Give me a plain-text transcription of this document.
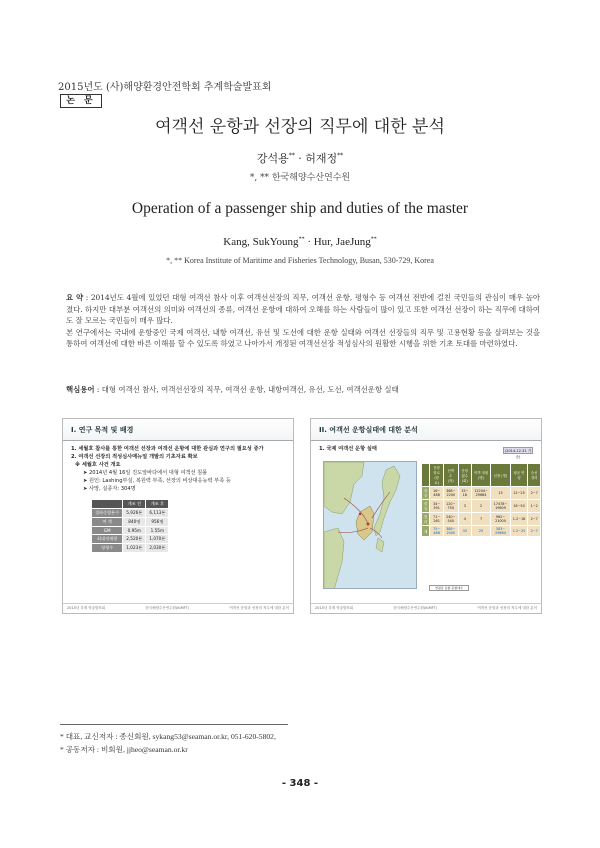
2015년도 (사)해양환경안전학회 추계학술발표회
논 문
여객선 운항과 선장의 직무에 대한 분석
강석용** · 허재정**
*, ** 한국해양수산연수원
Operation of a passenger ship and duties of the master
Kang, SukYoung** · Hur, JaeJung**
*, ** Korea Institute of Maritime and Fisheries Technology, Busan, 530-729, Korea

요 약 : 2014년도 4월에 있었던 대형 여객선 참사 이후 여객선선장의 직무, 여객선 운항, 평형수 등 여객선 전반에 걸친 국민들의 관심이 매우 높아졌다. 하지만 대부분 여객선의 의미와 여객선의 종류, 여객선 운항에 대하여 오해를 하는 사람들이 많이 있고 또한 여객선 선장이 하는 직무에 대하여도 잘 모르는 국민들이 매우 많다.

본 연구에서는 국내에 운항중인 국제 여객선, 내항 여객선, 유선 및 도선에 대한 운항 실태와 여객선 선장들의 직무 및 고용현황 등을 살펴보는 것을 통하여 여객선에 대한 바른 이해를 할 수 있도록 하였고 나아가서 개정된 여객선선장 적성심사의 원활한 시행을 위한 기초 토대를 마련하였다.

핵심용어 : 대형 여객선 참사, 여객선선장의 직무, 여객선 운항, 내항여객선, 유선, 도선, 여객선운항 실태
I. 연구 목적 및 배경
1. 세월호 참사를 통한 여객선 선장과 여객선 운항에 대한 관심과 연구의 필요성 증가
2. 여객선 선장의 적성심사매뉴얼 개발의 기초자료 확보
※ 세월호 사건 개요
➤ 2014년 4월 16일 진도앞바다에서 대형 여객선 침몰
➤ 원인: Lashing부실, 복원력 부족, 선장의 비상대응능력 부족 등
➤ 사망, 실종자: 304명
	개조 전	개조 후
경하중량톤수	5,926톤	6,113톤
여 객	840명	956명
GM	0.95m	1.55m
최대적재량	2,520톤	1,070톤
평형수	1,023톤	2,030톤
2015년 추계 학술발표회	한국해양수산연수원(KIMFT)	여객선 운항과 선장의 직무에 대한 분석
II. 여객선 운항실태에 대한 분석
1. 국제 여객선 운항 실태	(2014.12.31 기준)
	운항 항로 (항로)	선박 수 (척)	운항 횟수 (회)	여객 정원 (명)	선장 (명)	평균 연령	승선 경력
한중	16~ 488	368~ 2200	15~ 18	12204~ 29684	15	12~25	2~7
한일	34~ 391	120~ 750	3	2	17478~ 19609	16~50	1~2
한러	71~ 261	240~ 540	4	7	962~ 21000	1.2~18	2~7
계	75~ 488	388~ 2000	33	25	383~ 29684	1.2~25	2~7
연평균 운항 운항대수
2015년 추계 학술발표회	한국해양수산연수원(KIMFT)	여객선 운항과 선장의 직무에 대한 분석
* 대표, 교신저자 : 종신회원, sykang53@seaman.or.kr, 051-620-5802,
* 공동저자 : 비회원, jjheo@seaman.or.kr
- 348 -
